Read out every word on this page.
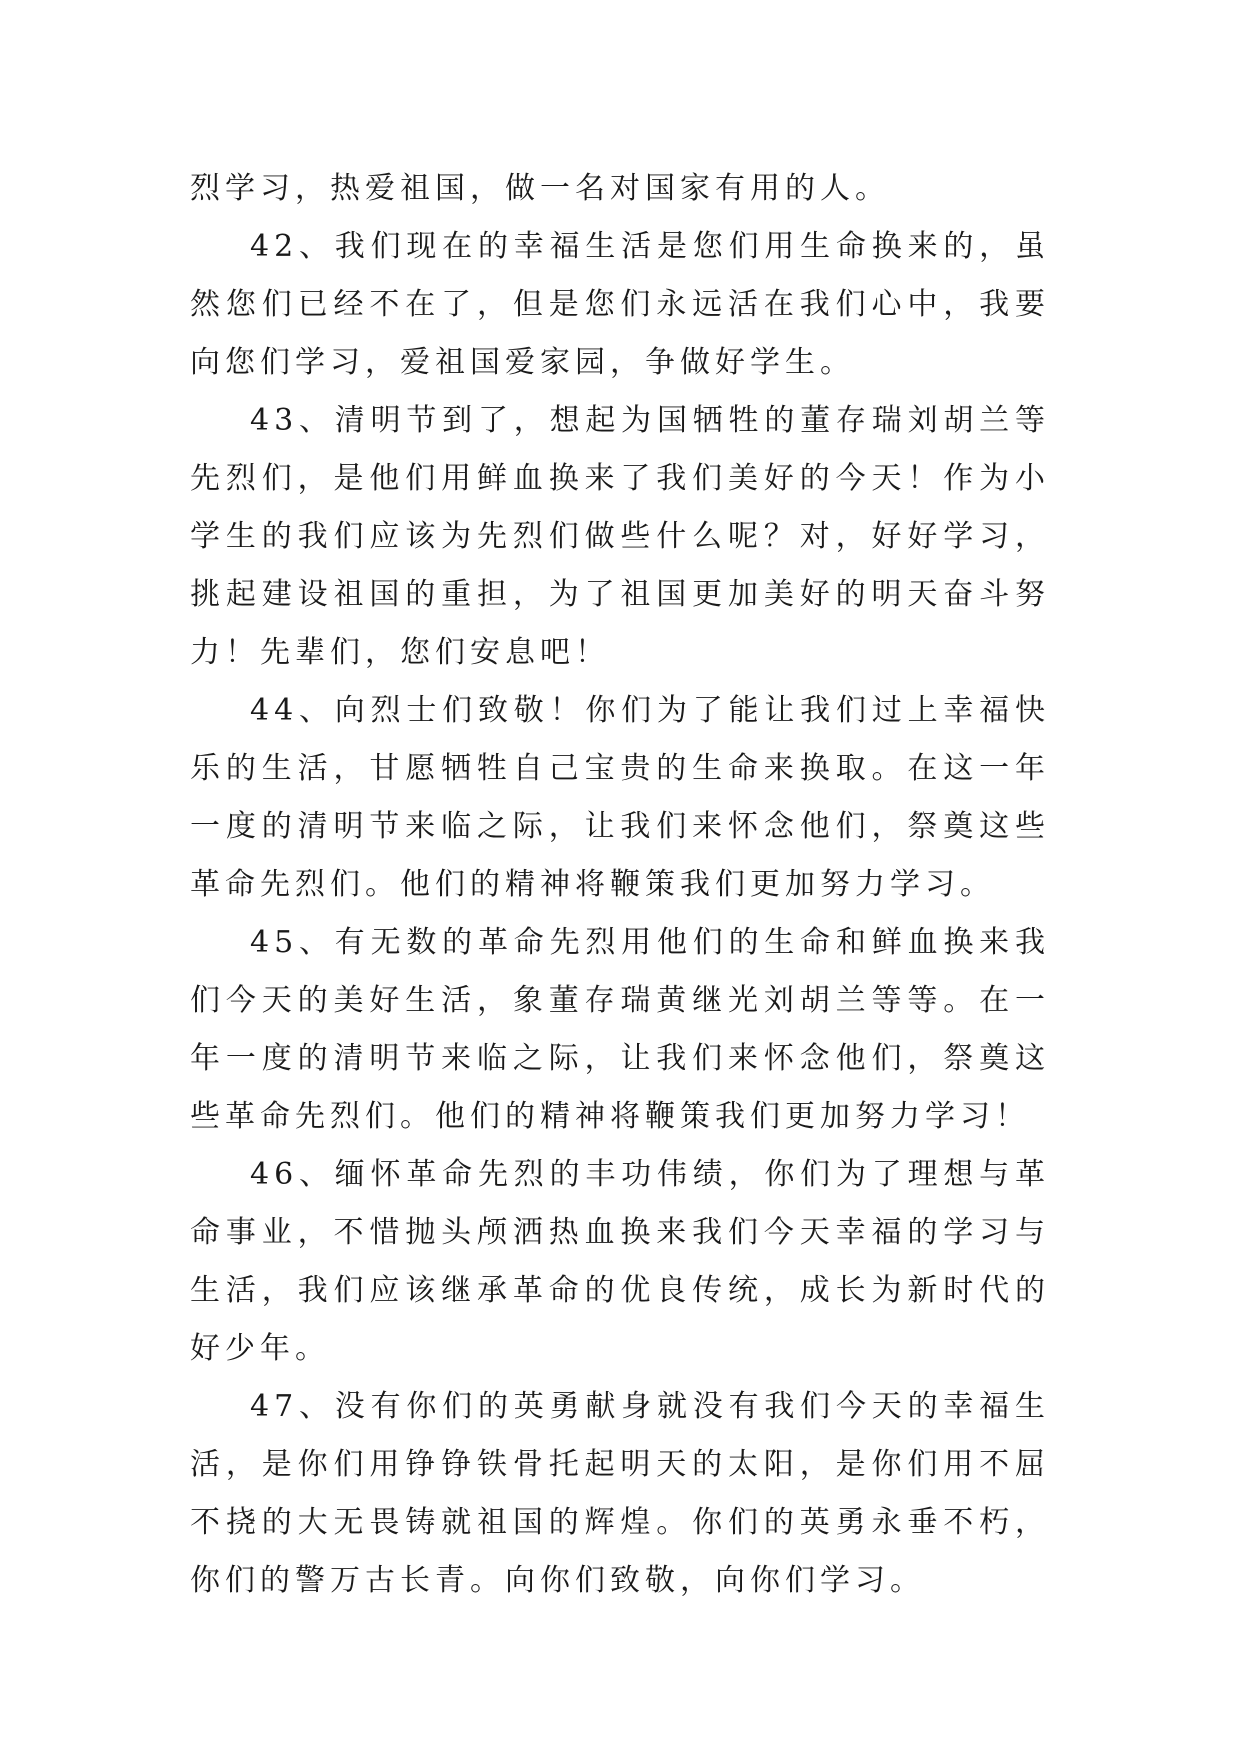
烈学习，热爱祖国，做一名对国家有用的人。

42、我们现在的幸福生活是您们用生命换来的，虽然您们已经不在了，但是您们永远活在我们心中，我要向您们学习，爱祖国爱家园，争做好学生。

43、清明节到了，想起为国牺牲的董存瑞刘胡兰等先烈们，是他们用鲜血换来了我们美好的今天！作为小学生的我们应该为先烈们做些什么呢？对，好好学习，挑起建设祖国的重担，为了祖国更加美好的明天奋斗努力！先辈们，您们安息吧！

44、向烈士们致敬！你们为了能让我们过上幸福快乐的生活，甘愿牺牲自己宝贵的生命来换取。在这一年一度的清明节来临之际，让我们来怀念他们，祭奠这些革命先烈们。他们的精神将鞭策我们更加努力学习。

45、有无数的革命先烈用他们的生命和鲜血换来我们今天的美好生活，象董存瑞黄继光刘胡兰等等。在一年一度的清明节来临之际，让我们来怀念他们，祭奠这些革命先烈们。他们的精神将鞭策我们更加努力学习！

46、缅怀革命先烈的丰功伟绩，你们为了理想与革命事业，不惜抛头颅洒热血换来我们今天幸福的学习与生活，我们应该继承革命的优良传统，成长为新时代的好少年。

47、没有你们的英勇献身就没有我们今天的幸福生活，是你们用铮铮铁骨托起明天的太阳，是你们用不屈不挠的大无畏铸就祖国的辉煌。你们的英勇永垂不朽，你们的警万古长青。向你们致敬，向你们学习。
